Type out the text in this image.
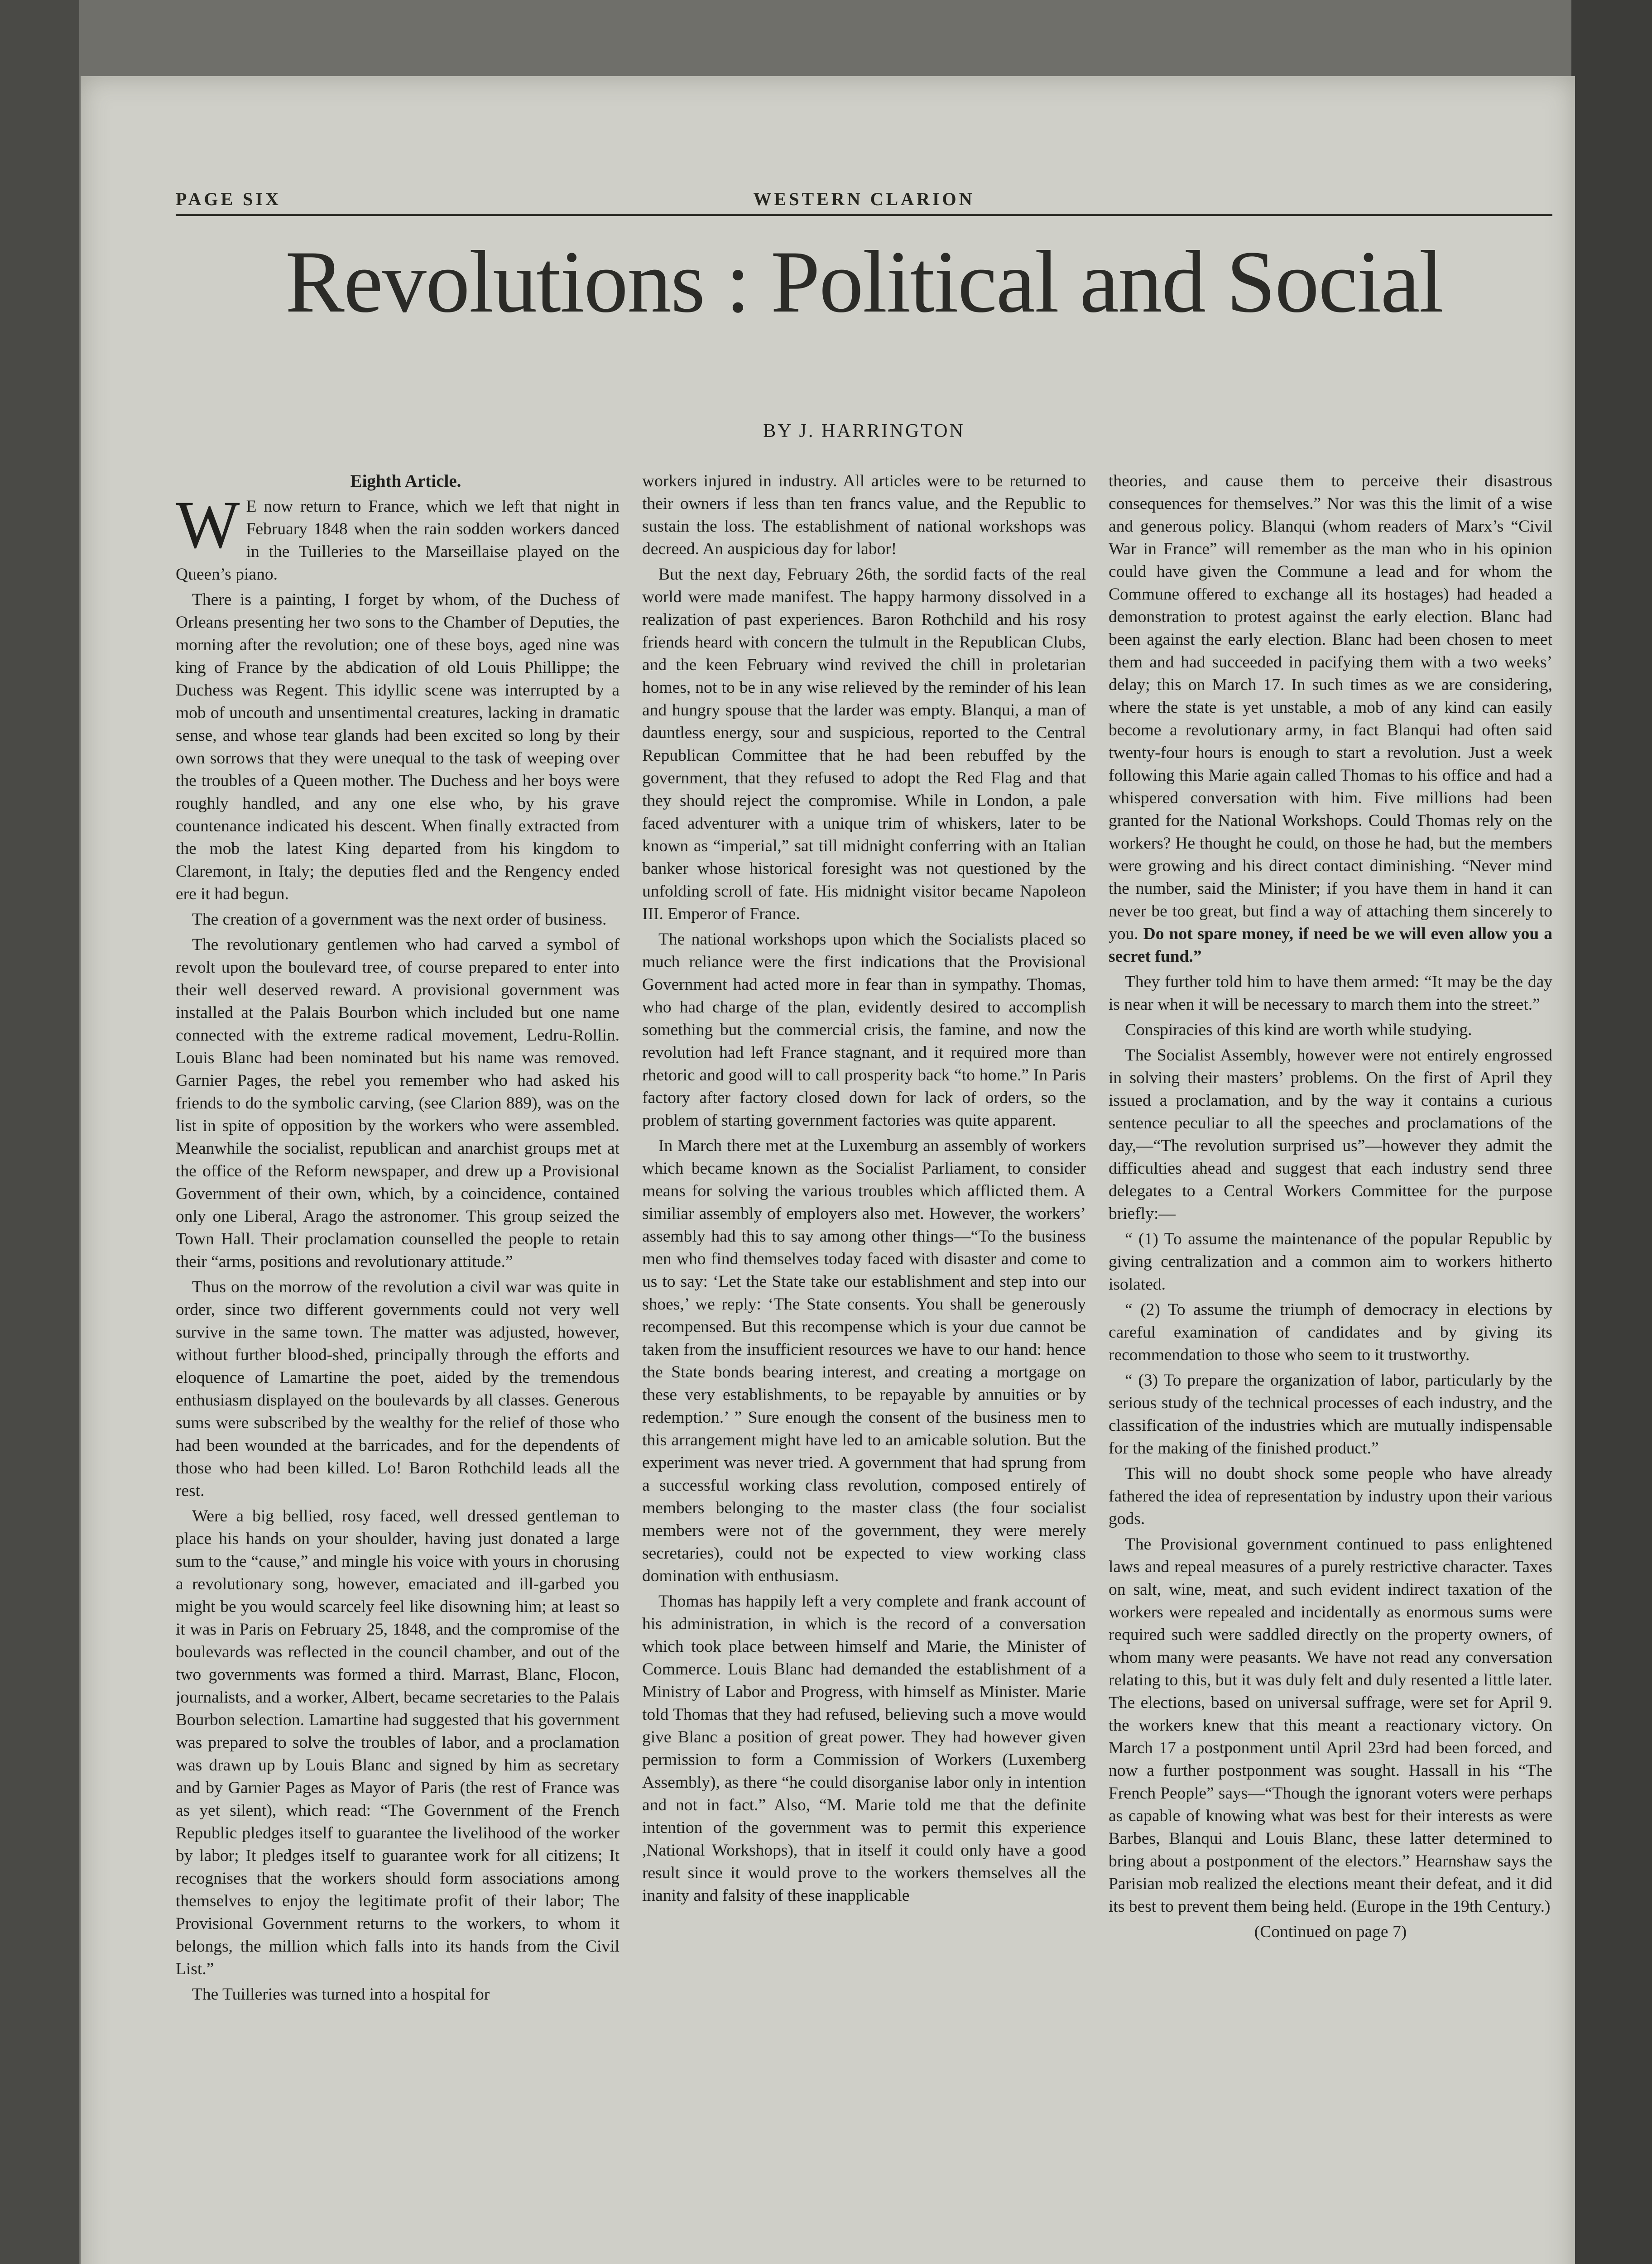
PAGE SIX	WESTERN CLARION
Revolutions : Political and Social
BY J. HARRINGTON

Eighth Article.

W E now return to France, which we left that night in February 1848 when the rain sodden workers danced in the Tuilleries to the Marseillaise played on the Queen’s piano.

There is a painting, I forget by whom, of the Duchess of Orleans presenting her two sons to the Chamber of Deputies, the morning after the revolution; one of these boys, aged nine was king of France by the abdication of old Louis Phillippe; the Duchess was Regent. This idyllic scene was interrupted by a mob of uncouth and unsentimental creatures, lacking in dramatic sense, and whose tear glands had been excited so long by their own sorrows that they were unequal to the task of weeping over the troubles of a Queen mother. The Duchess and her boys were roughly handled, and any one else who, by his grave countenance indicated his descent. When finally extracted from the mob the latest King departed from his kingdom to Claremont, in Italy; the deputies fled and the Rengency ended ere it had begun.

The creation of a government was the next order of business.

The revolutionary gentlemen who had carved a symbol of revolt upon the boulevard tree, of course prepared to enter into their well deserved reward. A provisional government was installed at the Palais Bourbon which included but one name connected with the extreme radical movement, Ledru-Rollin. Louis Blanc had been nominated but his name was removed. Garnier Pages, the rebel you remember who had asked his friends to do the symbolic carving, (see Clarion 889), was on the list in spite of opposition by the workers who were assembled. Meanwhile the socialist, republican and anarchist groups met at the office of the Reform newspaper, and drew up a Provisional Government of their own, which, by a coincidence, contained only one Liberal, Arago the astronomer. This group seized the Town Hall. Their proclamation counselled the people to retain their “arms, positions and revolutionary attitude.”

Thus on the morrow of the revolution a civil war was quite in order, since two different governments could not very well survive in the same town. The matter was adjusted, however, without further blood-shed, principally through the efforts and eloquence of Lamartine the poet, aided by the tremendous enthusiasm displayed on the boulevards by all classes. Generous sums were subscribed by the wealthy for the relief of those who had been wounded at the barricades, and for the dependents of those who had been killed. Lo! Baron Rothchild leads all the rest.

Were a big bellied, rosy faced, well dressed gentleman to place his hands on your shoulder, having just donated a large sum to the “cause,” and mingle his voice with yours in chorusing a revolutionary song, however, emaciated and ill-garbed you might be you would scarcely feel like disowning him; at least so it was in Paris on February 25, 1848, and the compromise of the boulevards was reflected in the council chamber, and out of the two governments was formed a third. Marrast, Blanc, Flocon, journalists, and a worker, Albert, became secretaries to the Palais Bourbon selection. Lamartine had suggested that his government was prepared to solve the troubles of labor, and a proclamation was drawn up by Louis Blanc and signed by him as secretary and by Garnier Pages as Mayor of Paris (the rest of France was as yet silent), which read: “The Government of the French Republic pledges itself to guarantee the livelihood of the worker by labor; It pledges itself to guarantee work for all citizens; It recognises that the workers should form associations among themselves to enjoy the legitimate profit of their labor; The Provisional Government returns to the workers, to whom it belongs, the million which falls into its hands from the Civil List.”

The Tuilleries was turned into a hospital for

workers injured in industry. All articles were to be returned to their owners if less than ten francs value, and the Republic to sustain the loss. The establishment of national workshops was decreed. An auspicious day for labor!

But the next day, February 26th, the sordid facts of the real world were made manifest. The happy harmony dissolved in a realization of past experiences. Baron Rothchild and his rosy friends heard with concern the tulmult in the Republican Clubs, and the keen February wind revived the chill in proletarian homes, not to be in any wise relieved by the reminder of his lean and hungry spouse that the larder was empty. Blanqui, a man of dauntless energy, sour and suspicious, reported to the Central Republican Committee that he had been rebuffed by the government, that they refused to adopt the Red Flag and that they should reject the compromise. While in London, a pale faced adventurer with a unique trim of whiskers, later to be known as “imperial,” sat till midnight conferring with an Italian banker whose historical foresight was not questioned by the unfolding scroll of fate. His midnight visitor became Napoleon III. Emperor of France.

The national workshops upon which the Socialists placed so much reliance were the first indications that the Provisional Government had acted more in fear than in sympathy. Thomas, who had charge of the plan, evidently desired to accomplish something but the commercial crisis, the famine, and now the revolution had left France stagnant, and it required more than rhetoric and good will to call prosperity back “to home.” In Paris factory after factory closed down for lack of orders, so the problem of starting government factories was quite apparent.

In March there met at the Luxemburg an assembly of workers which became known as the Socialist Parliament, to consider means for solving the various troubles which afflicted them. A similiar assembly of employers also met. However, the workers’ assembly had this to say among other things—“To the business men who find themselves today faced with disaster and come to us to say: ‘Let the State take our establishment and step into our shoes,’ we reply: ‘The State consents. You shall be generously recompensed. But this recompense which is your due cannot be taken from the insufficient resources we have to our hand: hence the State bonds bearing interest, and creating a mortgage on these very establishments, to be repayable by annuities or by redemption.’ ” Sure enough the consent of the business men to this arrangement might have led to an amicable solution. But the experiment was never tried. A government that had sprung from a successful working class revolution, composed entirely of members belonging to the master class (the four socialist members were not of the government, they were merely secretaries), could not be expected to view working class domination with enthusiasm.

Thomas has happily left a very complete and frank account of his administration, in which is the record of a conversation which took place between himself and Marie, the Minister of Commerce. Louis Blanc had demanded the establishment of a Ministry of Labor and Progress, with himself as Minister. Marie told Thomas that they had refused, believing such a move would give Blanc a position of great power. They had however given permission to form a Commission of Workers (Luxemberg Assembly), as there “he could disorganise labor only in intention and not in fact.” Also, “M. Marie told me that the definite intention of the government was to permit this experience ,National Workshops), that in itself it could only have a good result since it would prove to the workers themselves all the inanity and falsity of these inapplicable

theories, and cause them to perceive their disastrous consequences for themselves.” Nor was this the limit of a wise and generous policy. Blanqui (whom readers of Marx’s “Civil War in France” will remember as the man who in his opinion could have given the Commune a lead and for whom the Commune offered to exchange all its hostages) had headed a demonstration to protest against the early election. Blanc had been against the early election. Blanc had been chosen to meet them and had succeeded in pacifying them with a two weeks’ delay; this on March 17. In such times as we are considering, where the state is yet unstable, a mob of any kind can easily become a revolutionary army, in fact Blanqui had often said twenty-four hours is enough to start a revolution. Just a week following this Marie again called Thomas to his office and had a whispered conversation with him. Five millions had been granted for the National Workshops. Could Thomas rely on the workers? He thought he could, on those he had, but the members were growing and his direct contact diminishing. “Never mind the number, said the Minister; if you have them in hand it can never be too great, but find a way of attaching them sincerely to you. Do not spare money, if need be we will even allow you a secret fund.”

They further told him to have them armed: “It may be the day is near when it will be necessary to march them into the street.”

Conspiracies of this kind are worth while studying.

The Socialist Assembly, however were not entirely engrossed in solving their masters’ problems. On the first of April they issued a proclamation, and by the way it contains a curious sentence peculiar to all the speeches and proclamations of the day,—“The revolution surprised us”—however they admit the difficulties ahead and suggest that each industry send three delegates to a Central Workers Committee for the purpose briefly:—

“ (1) To assume the maintenance of the popular Republic by giving centralization and a common aim to workers hitherto isolated.

“ (2) To assume the triumph of democracy in elections by careful examination of candidates and by giving its recommendation to those who seem to it trustworthy.

“ (3) To prepare the organization of labor, particularly by the serious study of the technical processes of each industry, and the classification of the industries which are mutually indispensable for the making of the finished product.”

This will no doubt shock some people who have already fathered the idea of representation by industry upon their various gods.

The Provisional government continued to pass enlightened laws and repeal measures of a purely restrictive character. Taxes on salt, wine, meat, and such evident indirect taxation of the workers were repealed and incidentally as enormous sums were required such were saddled directly on the property owners, of whom many were peasants. We have not read any conversation relating to this, but it was duly felt and duly resented a little later. The elections, based on universal suffrage, were set for April 9. the workers knew that this meant a reactionary victory. On March 17 a postponment until April 23rd had been forced, and now a further postponment was sought. Hassall in his “The French People” says—“Though the ignorant voters were perhaps as capable of knowing what was best for their interests as were Barbes, Blanqui and Louis Blanc, these latter determined to bring about a postponment of the electors.” Hearnshaw says the Parisian mob realized the elections meant their defeat, and it did its best to prevent them being held. (Europe in the 19th Century.)

(Continued on page 7)
